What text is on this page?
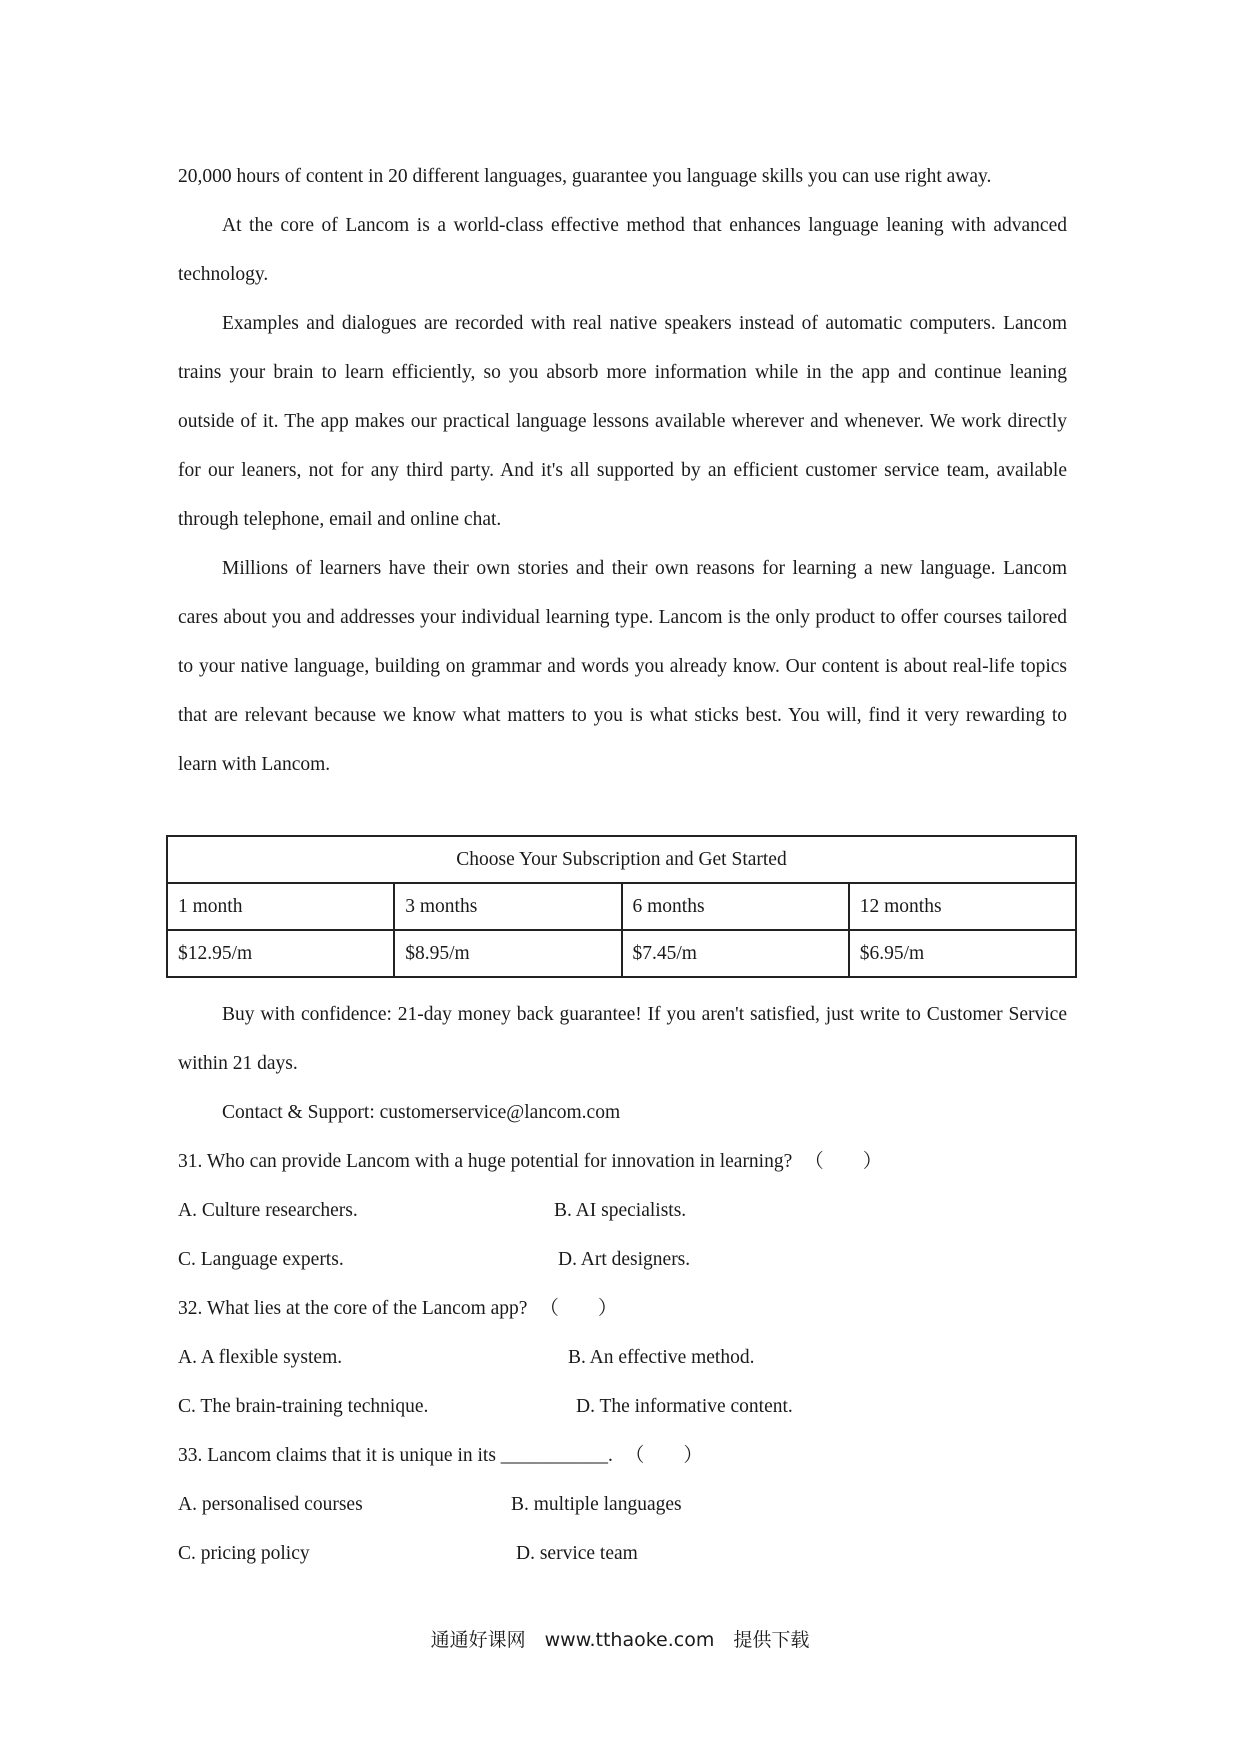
20,000 hours of content in 20 different languages, guarantee you language skills you can use right away.

At the core of Lancom is a world-class effective method that enhances language leaning with advanced technology.

Examples and dialogues are recorded with real native speakers instead of automatic computers. Lancom trains your brain to learn efficiently, so you absorb more information while in the app and continue leaning outside of it. The app makes our practical language lessons available wherever and whenever. We work directly for our leaners, not for any third party. And it's all supported by an efficient customer service team, available through telephone, email and online chat.

Millions of learners have their own stories and their own reasons for learning a new language. Lancom cares about you and addresses your individual learning type. Lancom is the only product to offer courses tailored to your native language, building on grammar and words you already know. Our content is about real-life topics that are relevant because we know what matters to you is what sticks best. You will, find it very rewarding to learn with Lancom.

Choose Your Subscription and Get Started			
1 month	3 months	6 months	12 months
$12.95/m	$8.95/m	$7.45/m	$6.95/m

Buy with confidence: 21-day money back guarantee! If you aren't satisfied, just write to Customer Service within 21 days.

Contact & Support: customerservice@lancom.com

31. Who can provide Lancom with a huge potential for innovation in learning? （　　）

A. Culture researchers.	B. AI specialists.
C. Language experts.	D. Art designers.

32. What lies at the core of the Lancom app? （　　）

A. A flexible system.	B. An effective method.
C. The brain-training technique.	D. The informative content.

33. Lancom claims that it is unique in its ___________. （　　）

A. personalised courses	B. multiple languages
C. pricing policy	D. service team
通通好课网　www.tthaoke.com　提供下载
